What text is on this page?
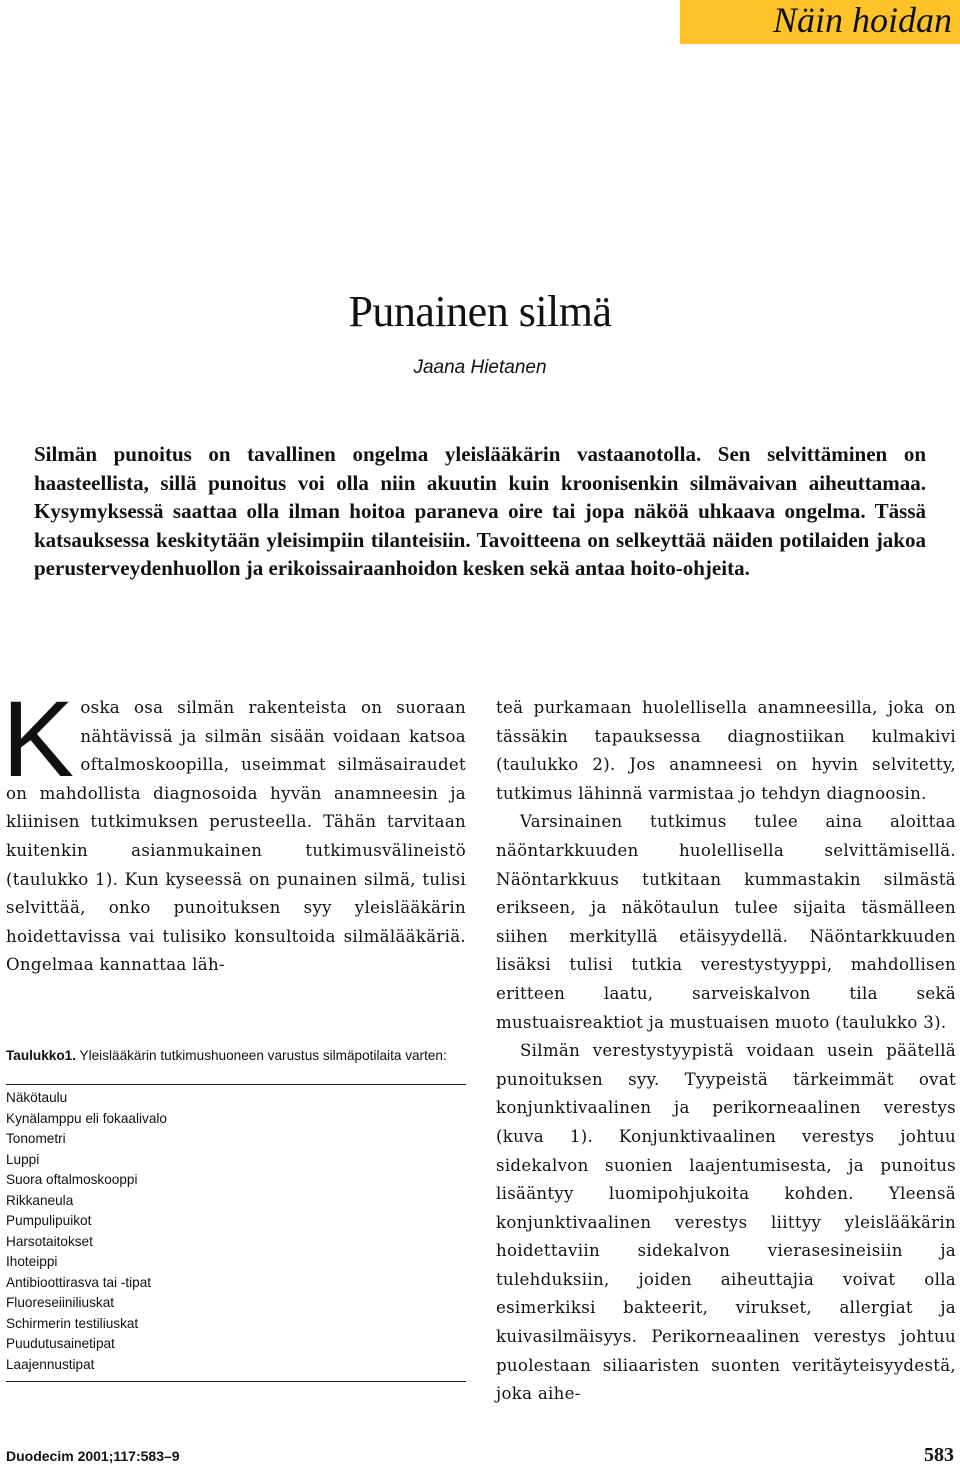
Näin hoidan
Punainen silmä
Jaana Hietanen
Silmän punoitus on tavallinen ongelma yleislääkärin vastaanotolla. Sen selvittäminen on haasteellista, sillä punoitus voi olla niin akuutin kuin kroonisenkin silmävaivan aiheuttamaa. Kysymyksessä saattaa olla ilman hoitoa paraneva oire tai jopa näköä uhkaava ongelma. Tässä katsauksessa keskitytään yleisimpiin tilanteisiin. Tavoitteena on selkeyttää näiden potilaiden jakoa perusterveydenhuollon ja erikoissairaanhoidon kesken sekä antaa hoito-ohjeita.
Koska osa silmän rakenteista on suoraan nähtävissä ja silmän sisään voidaan katsoa oftalmoskoopilla, useimmat silmäsairaudet on mahdollista diagnosoida hyvän anamneesin ja kliinisen tutkimuksen perusteella. Tähän tarvitaan kuitenkin asianmukainen tutkimusvälineistö (taulukko 1). Kun kyseessä on punainen silmä, tulisi selvittää, onko punoituksen syy yleislääkärin hoidettavissa vai tulisiko konsultoida silmälääkäriä. Ongelmaa kannattaa läh-

Taulukko1. Yleislääkärin tutkimushuoneen varustus silmäpotilaita varten:

Näkötaulu
Kynälamppu eli fokaalivalo
Tonometri
Luppi
Suora oftalmoskooppi
Rikkaneula
Pumpulipuikot
Harsotaitokset
Ihoteippi
Antibioottirasva tai -tipat
Fluoreseiiniliuskat
Schirmerin testiliuskat
Puudutusainetipat
Laajennustipat

teä purkamaan huolellisella anamneesilla, joka on tässäkin tapauksessa diagnostiikan kulmakivi (taulukko 2). Jos anamneesi on hyvin selvitetty, tutkimus lähinnä varmistaa jo tehdyn diagnoosin.

Varsinainen tutkimus tulee aina aloittaa näöntarkkuuden huolellisella selvittämisellä. Näöntarkkuus tutkitaan kummastakin silmästä erikseen, ja näkötaulun tulee sijaita täsmälleen siihen merkityllä etäisyydellä. Näöntarkkuuden lisäksi tulisi tutkia verestystyyppi, mahdollisen eritteen laatu, sarveiskalvon tila sekä mustuaisreaktiot ja mustuaisen muoto (taulukko 3).

Silmän verestystyypistä voidaan usein päätellä punoituksen syy. Tyypeistä tärkeimmät ovat konjunktivaalinen ja perikorneaalinen verestys (kuva 1). Konjunktivaalinen verestys johtuu sidekalvon suonien laajentumisesta, ja punoitus lisääntyy luomipohjukoita kohden. Yleensä konjunktivaalinen verestys liittyy yleislääkärin hoidettaviin sidekalvon vierasesineisiin ja tulehduksiin, joiden aiheuttajia voivat olla esimerkiksi bakteerit, virukset, allergiat ja kuivasilmäisyys. Perikorneaalinen verestys johtuu puolestaan siliaaristen suonten verităyteisyydestä, joka aihe-

Duodecim 2001;117:583–9	583
